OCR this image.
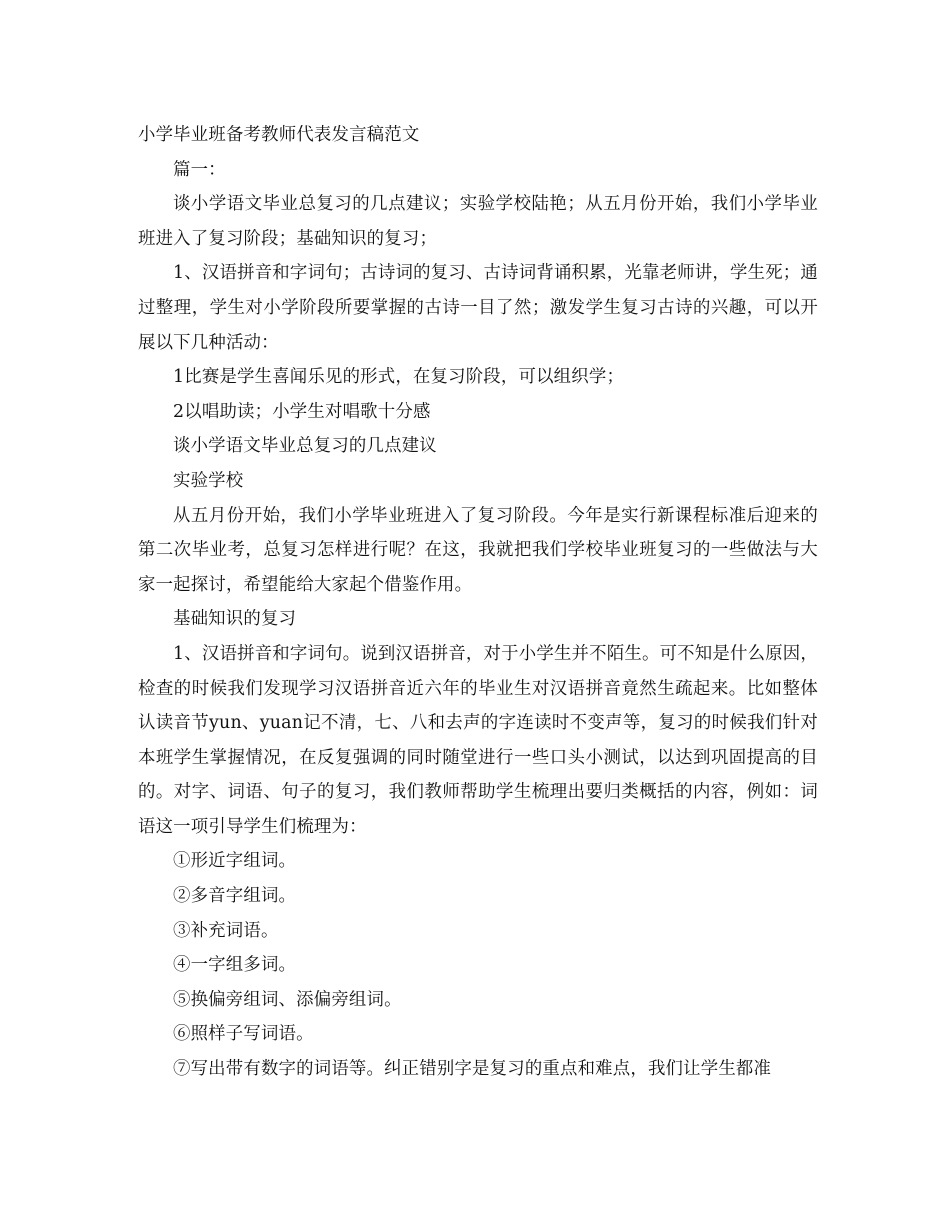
小学毕业班备考教师代表发言稿范文

篇一：

谈小学语文毕业总复习的几点建议；实验学校陆艳；从五月份开始，我们小学毕业班进入了复习阶段；基础知识的复习；

1、汉语拼音和字词句；古诗词的复习、古诗词背诵积累，光靠老师讲，学生死；通过整理，学生对小学阶段所要掌握的古诗一目了然；激发学生复习古诗的兴趣，可以开展以下几种活动：

1比赛是学生喜闻乐见的形式，在复习阶段，可以组织学；

2以唱助读；小学生对唱歌十分感

谈小学语文毕业总复习的几点建议

实验学校

从五月份开始，我们小学毕业班进入了复习阶段。今年是实行新课程标准后迎来的第二次毕业考，总复习怎样进行呢？在这，我就把我们学校毕业班复习的一些做法与大家一起探讨，希望能给大家起个借鉴作用。

基础知识的复习

1、汉语拼音和字词句。说到汉语拼音，对于小学生并不陌生。可不知是什么原因，检查的时候我们发现学习汉语拼音近六年的毕业生对汉语拼音竟然生疏起来。比如整体认读音节yun、yuan记不清，七、八和去声的字连读时不变声等，复习的时候我们针对本班学生掌握情况，在反复强调的同时随堂进行一些口头小测试，以达到巩固提高的目的。对字、词语、句子的复习，我们教师帮助学生梳理出要归类概括的内容，例如：词语这一项引导学生们梳理为：

①形近字组词。

②多音字组词。

③补充词语。

④一字组多词。

⑤换偏旁组词、添偏旁组词。

⑥照样子写词语。

⑦写出带有数字的词语等。纠正错别字是复习的重点和难点，我们让学生都准
